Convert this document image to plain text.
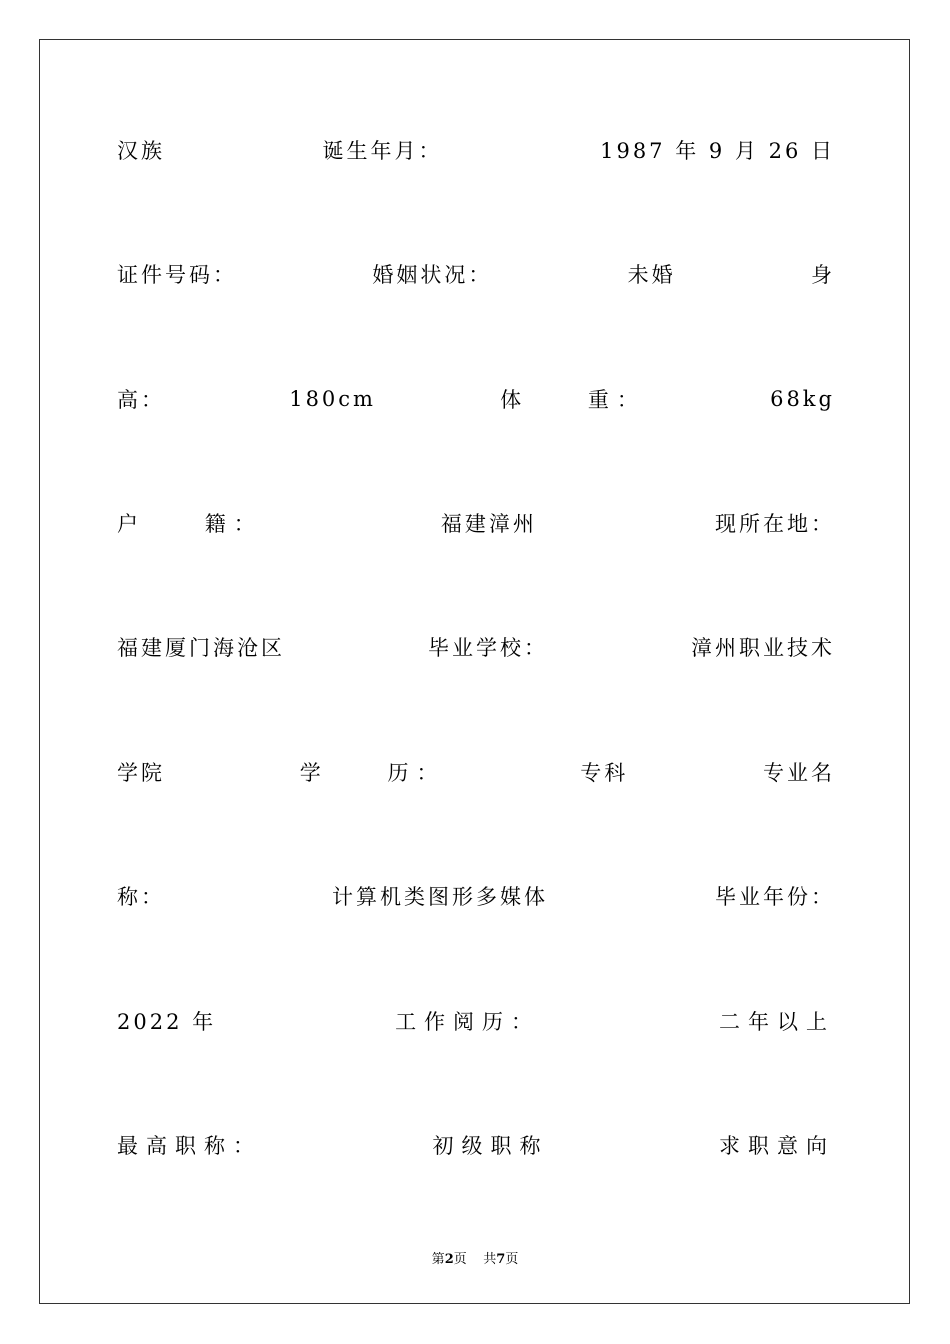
汉族	诞生年月：	1987 年 9 月 26 日
证件号码：	婚姻状况：	未婚	身
高：	180cm	体    重：	68kg
户    籍：	福建漳州	现所在地：
福建厦门海沧区	毕业学校：	漳州职业技术
学院	学    历：	专科	专业名
称：	计算机类图形多媒体	毕业年份：
2022 年	工作阅历：	二年以上
最高职称：	初级职称	求职意向
第2页    共7页
